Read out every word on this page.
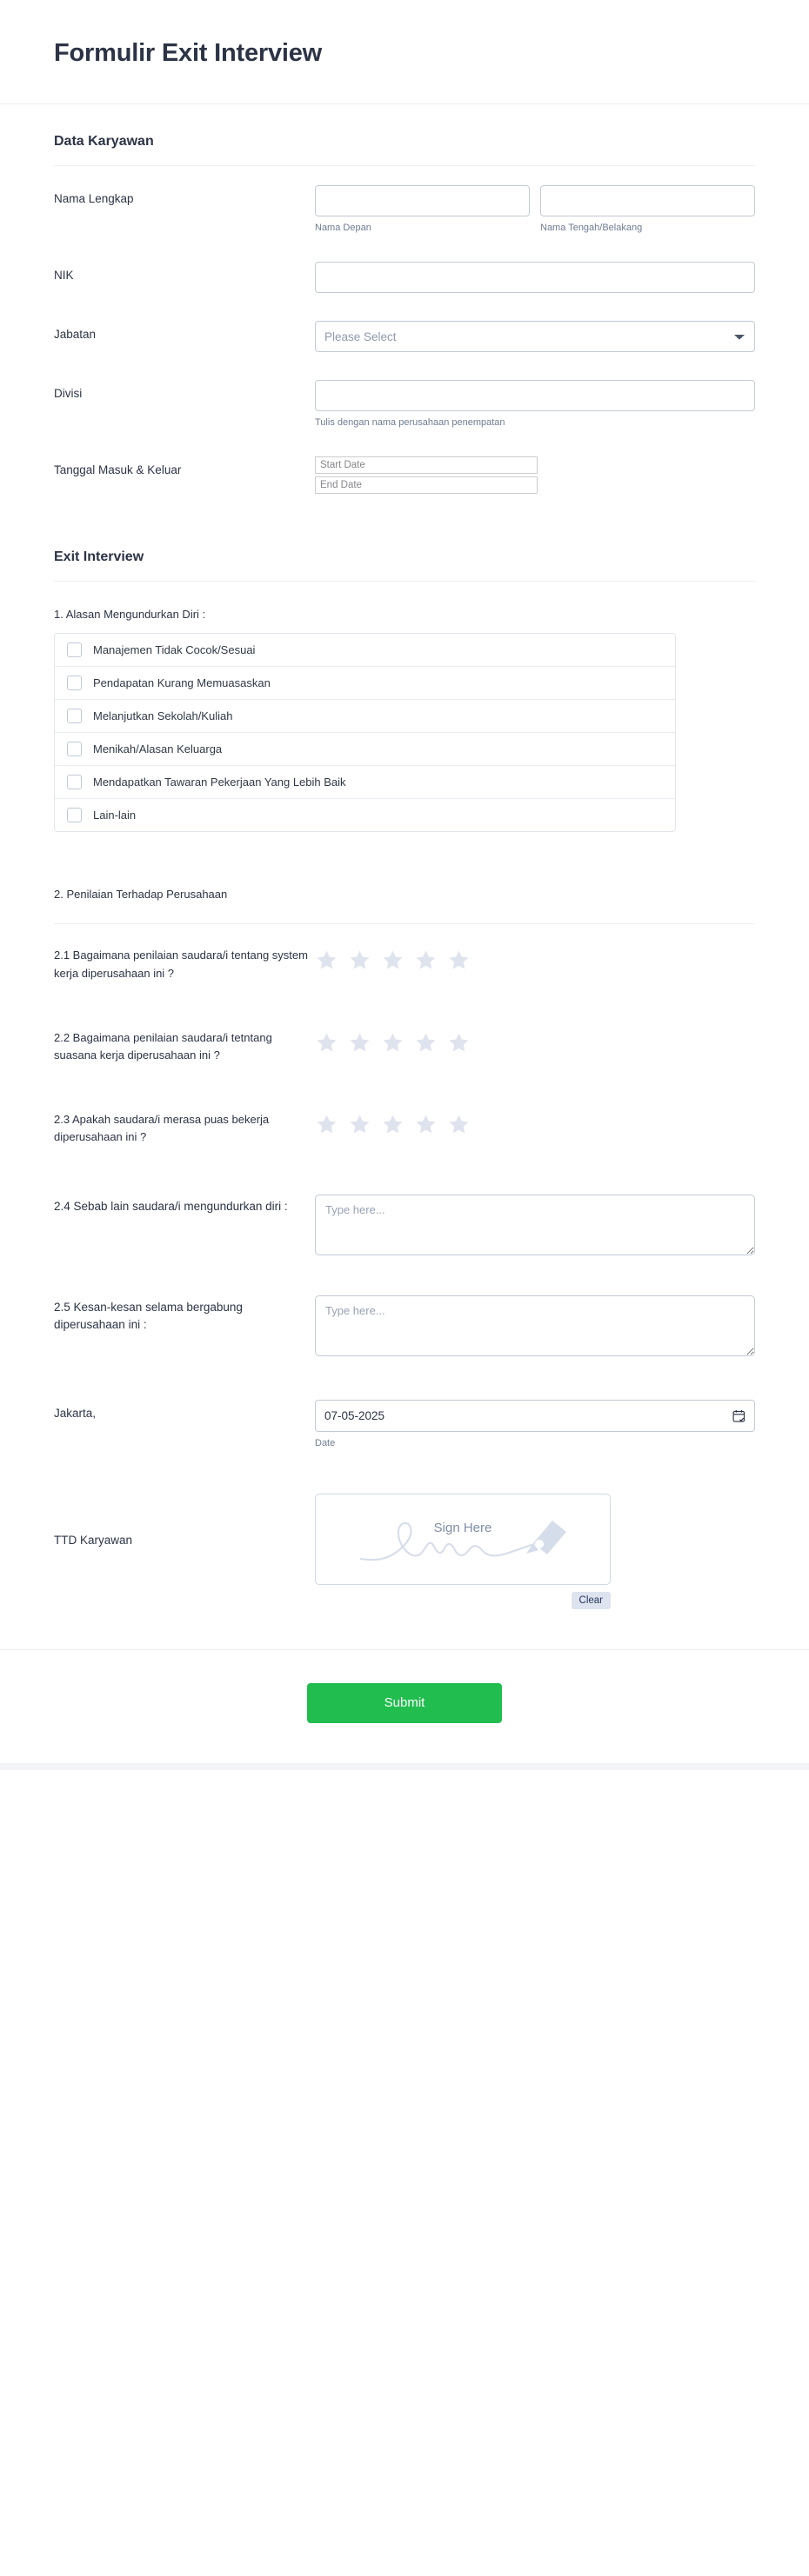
Formulir Exit Interview
Data Karyawan
Nama Lengkap
Nama Depan	Nama Tengah/Belakang
NIK
Jabatan
Please Select
Divisi
Tulis dengan nama perusahaan penempatan
Tanggal Masuk & Keluar
Start Date
End Date
Exit Interview
1. Alasan Mengundurkan Diri :
Manajemen Tidak Cocok/Sesuai
Pendapatan Kurang Memuasaskan
Melanjutkan Sekolah/Kuliah
Menikah/Alasan Keluarga
Mendapatkan Tawaran Pekerjaan Yang Lebih Baik
Lain-lain
2. Penilaian Terhadap Perusahaan
2.1 Bagaimana penilaian saudara/i tentang system kerja diperusahaan ini ?
2.2 Bagaimana penilaian saudara/i tetntang suasana kerja diperusahaan ini ?
2.3 Apakah saudara/i merasa puas bekerja diperusahaan ini ?
2.4 Sebab lain saudara/i mengundurkan diri :
Type here...
2.5 Kesan-kesan selama bergabung diperusahaan ini :
Type here...
Jakarta,
07-05-2025
Date
TTD Karyawan
Sign Here
Clear
Submit
